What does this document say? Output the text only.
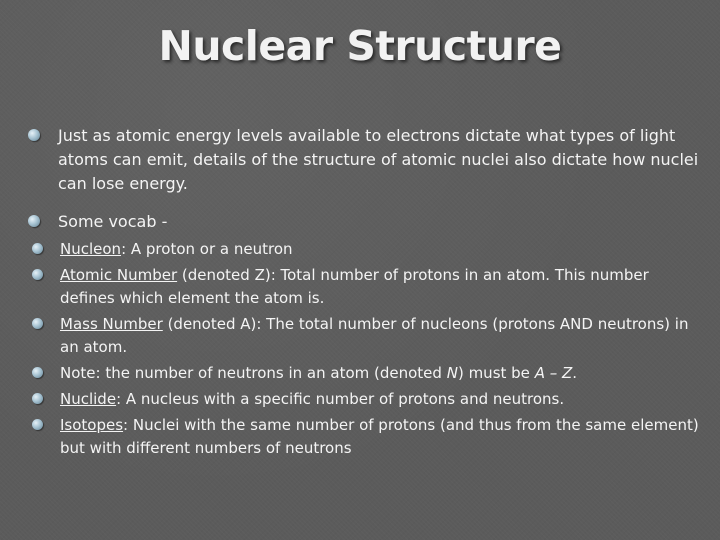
Nuclear Structure
Just as atomic energy levels available to electrons dictate what types of light atoms can emit, details of the structure of atomic nuclei also dictate how nuclei can lose energy.
Some vocab -
Nucleon: A proton or a neutron
Atomic Number (denoted Z): Total number of protons in an atom. This number defines which element the atom is.
Mass Number (denoted A): The total number of nucleons (protons AND neutrons) in an atom.
Note: the number of neutrons in an atom (denoted N) must be A – Z.
Nuclide: A nucleus with a specific number of protons and neutrons.
Isotopes: Nuclei with the same number of protons (and thus from the same element) but with different numbers of neutrons
